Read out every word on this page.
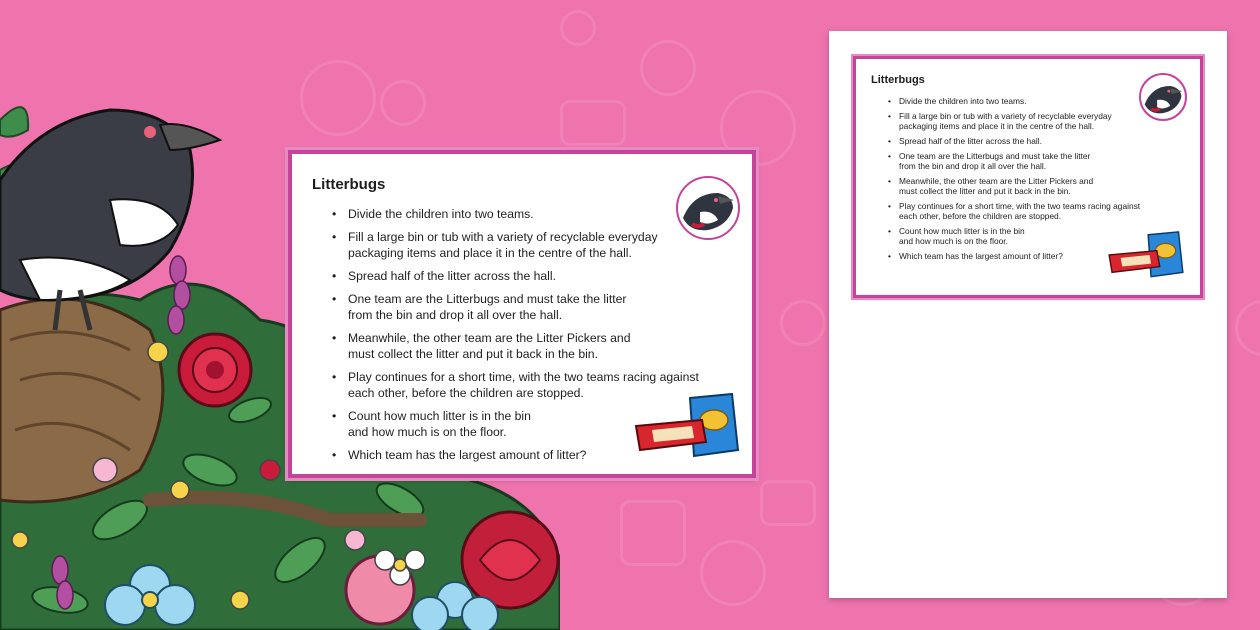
Litterbugs
• Divide the children into two teams.
• Fill a large bin or tub with a variety of recyclable everyday
packaging items and place it in the centre of the hall.
• Spread half of the litter across the hall.
• One team are the Litterbugs and must take the litter
from the bin and drop it all over the hall.
• Meanwhile, the other team are the Litter Pickers and
must collect the litter and put it back in the bin.
• Play continues for a short time, with the two teams racing against
each other, before the children are stopped.
• Count how much litter is in the bin
and how much is on the floor.
• Which team has the largest amount of litter?
Litterbugs
• Divide the children into two teams.
• Fill a large bin or tub with a variety of recyclable everyday
packaging items and place it in the centre of the hall.
• Spread half of the litter across the hall.
• One team are the Litterbugs and must take the litter
from the bin and drop it all over the hall.
• Meanwhile, the other team are the Litter Pickers and
must collect the litter and put it back in the bin.
• Play continues for a short time, with the two teams racing against
each other, before the children are stopped.
• Count how much litter is in the bin
and how much is on the floor.
• Which team has the largest amount of litter?
